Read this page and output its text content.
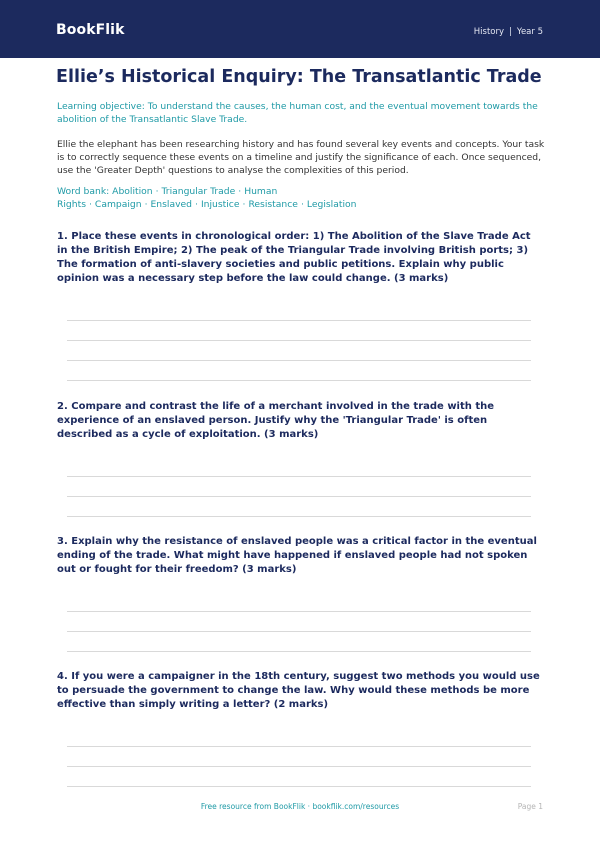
BookFlik	History | Year 5
Ellie’s Historical Enquiry: The Transatlantic Trade
Learning objective: To understand the causes, the human cost, and the eventual movement towards the abolition of the Transatlantic Slave Trade.
Ellie the elephant has been researching history and has found several key events and concepts. Your task is to correctly sequence these events on a timeline and justify the significance of each. Once sequenced, use the 'Greater Depth' questions to analyse the complexities of this period.
Word bank: Abolition · Triangular Trade · Human Rights · Campaign · Enslaved · Injustice · Resistance · Legislation
1. Place these events in chronological order: 1) The Abolition of the Slave Trade Act in the British Empire; 2) The peak of the Triangular Trade involving British ports; 3) The formation of anti-slavery societies and public petitions. Explain why public opinion was a necessary step before the law could change. (3 marks)
2. Compare and contrast the life of a merchant involved in the trade with the experience of an enslaved person. Justify why the 'Triangular Trade' is often described as a cycle of exploitation. (3 marks)
3. Explain why the resistance of enslaved people was a critical factor in the eventual ending of the trade. What might have happened if enslaved people had not spoken out or fought for their freedom? (3 marks)
4. If you were a campaigner in the 18th century, suggest two methods you would use to persuade the government to change the law. Why would these methods be more effective than simply writing a letter? (2 marks)
Free resource from BookFlik · bookflik.com/resources	Page 1
